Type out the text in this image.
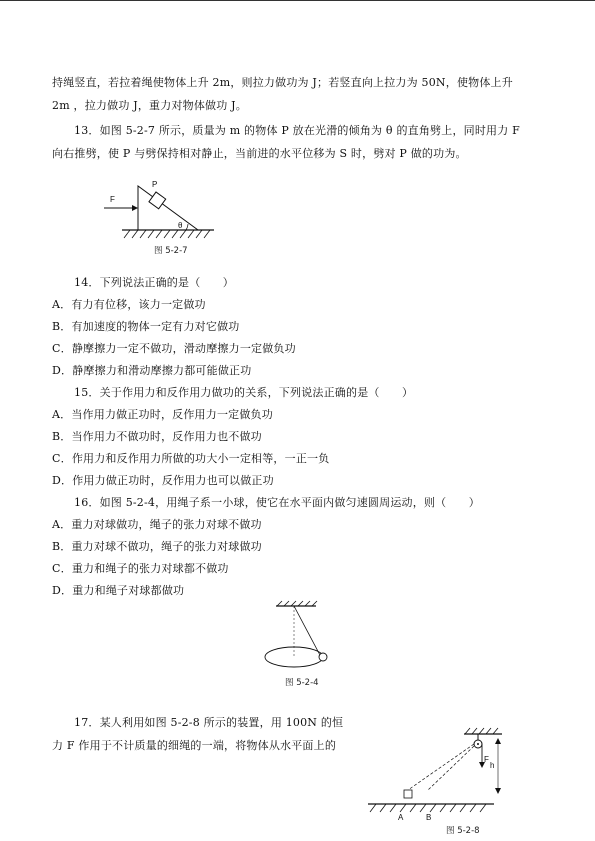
持绳竖直，若拉着绳使物体上升 2m，则拉力做功为 J；若竖直向上拉力为 50N，使物体上升
2m ，拉力做功 J，重力对物体做功 J。
13．如图 5-2-7 所示，质量为 m 的物体 P 放在光滑的倾角为 θ 的直角劈上，同时用力 F
向右推劈，使 P 与劈保持相对静止，当前进的水平位移为 S 时，劈对 P 做的功为。
14．下列说法正确的是（　　）
A．有力有位移，该力一定做功
B．有加速度的物体一定有力对它做功
C．静摩擦力一定不做功，滑动摩擦力一定做负功
D．静摩擦力和滑动摩擦力都可能做正功
15．关于作用力和反作用力做功的关系，下列说法正确的是（　　）
A．当作用力做正功时，反作用力一定做负功
B．当作用力不做功时，反作用力也不做功
C．作用力和反作用力所做的功大小一定相等，一正一负
D．作用力做正功时，反作用力也可以做正功
16．如图 5-2-4，用绳子系一小球，使它在水平面内做匀速圆周运动，则（　　）
A．重力对球做功，绳子的张力对球不做功
B．重力对球不做功，绳子的张力对球做功
C．重力和绳子的张力对球都不做功
D．重力和绳子对球都做功
17．某人利用如图 5-2-8 所示的装置，用 100N 的恒
力 F 作用于不计质量的细绳的一端，将物体从水平面上的
F
P
θ
图 5-2-7
图 5-2-4
F
h
A	B
图 5-2-8
